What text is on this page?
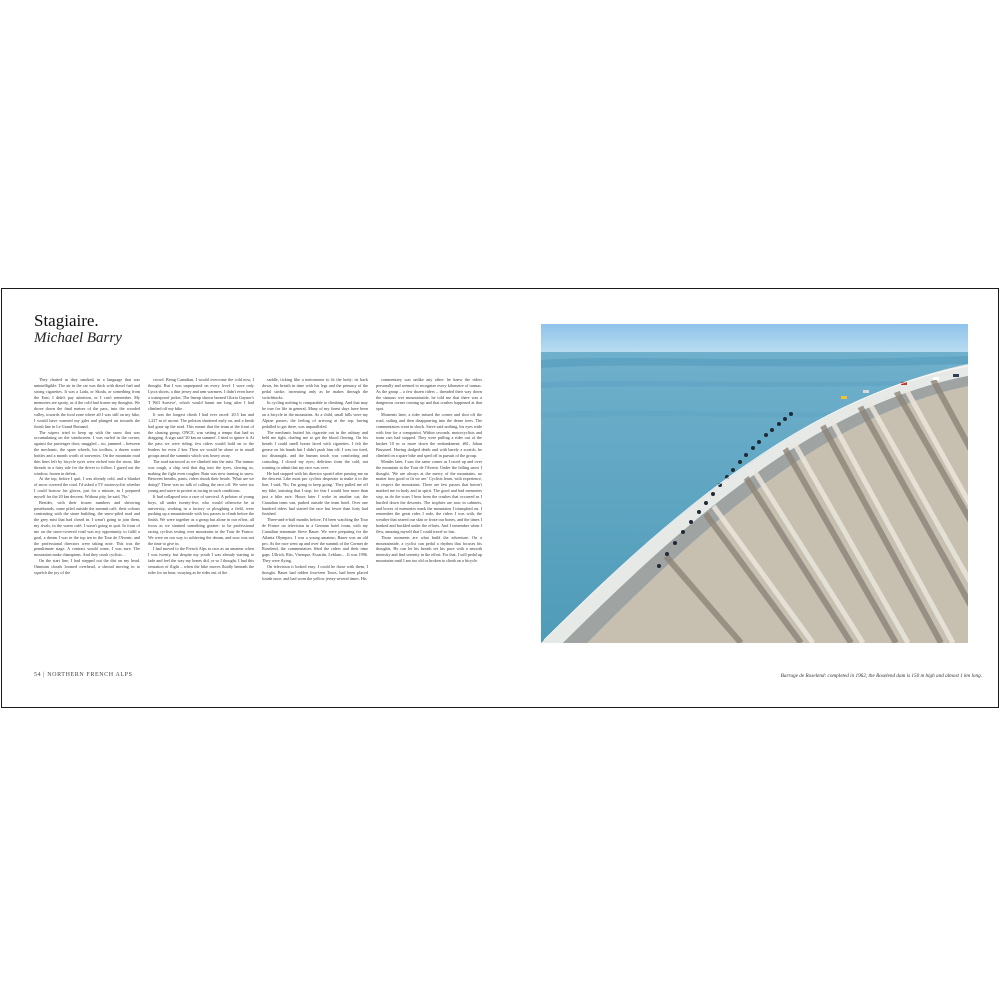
Stagiaire.
Michael Barry

They chatted as they smoked, in a language that was unintelligible. The air in the car was thick with diesel fuel and strong cigarettes. It was a Lada, or Skoda, or something from the East; I didn't pay attention, or I can't remember. My memories are spotty, as if the cold had frozen my thoughts. We drove down the final metres of the pass, into the wooded valley, towards the food zone where all I was still on my bike, I would have warmed my gilet and plunged on towards the finish line in Le Grand Bornand.

The wipers tried to keep up with the snow that was accumulating on the windscreen. I was curled in the corner, against the passenger door, snuggled – no, jammed – between the mechanic, the spare wheels, his toolbox, a dozen water bottles and a month worth of souvenirs. On the mountain road thin lines left by bicycle tyres were etched into the snow, like threads in a fairy tale for the driver to follow. I gazed out the window, frozen in defeat.

At the top, before I quit, I was already cold, and a blanket of snow covered the road. I'd asked a TV motorcyclist whether I could borrow his gloves, just for a minute, as I prepared myself for the 20 km descent. Without pity, he said, 'No.'

Besides, with their frozen numbers and shivering pasteboards, some piled outside the summit café, their colours contrasting with the stone building, the snow-piled road and the grey mist that had closed in. I wasn't going to join them, my rivals, in the warm café; I wasn't going to quit. In front of me on the snow-covered road was my opportunity to fulfil a goal, a dream I was in the top ten in the Tour de l'Avenir, and the professional directors were taking note. This was the penultimate stage. A contract would come, I was sure. The mountains make champions. And they crush cyclists…

On the start line, I had stepped out the dirt on my head. Omnium clouds loomed overhead, a shroud moving in to squelch the joy of the

crowd. Being Canadian, I would overcome the cold now, I thought. But I was unprepared on every level: I wore only Lycra shorts, a thin jersey and arm warmers. I didn't even have a waterproof jacket. The lineup shown burned Gloria Gaynor's 'I Will Survive', which would haunt me long after I had climbed off my bike.

It was the longest climb I had ever raced: 20.5 km and 1,227 m of ascent. The peloton shattered early on, and a break had gone up the road. This meant that the team at the front of the chasing group, ONCE, was setting a tempo that had us dragging. A sign said '20 km au sommet'. I tried to ignore it. At the pass we were riding, few riders would hold on to the leaders for even 2 km. Then we would be alone or in small groups amid the summits which was heavy away.

The road narrowed as we climbed into the mist. The tarmac was rough, a chip seal that dug into the tyres, slowing us, making the fight even tougher. Rain was now turning to snow. Between breaths, pants, riders shook their heads: 'What are we doing?' There was no talk of calling the race off. We were too young and naive to protest at racing in such conditions.

It had collapsed into a race of survival. A peloton of young boys, all under twenty-five, who would otherwise be at university, working in a factory or ploughing a field, were pushing up a mountainside with low passes to climb before the finish. We were together as a group but alone in our effort, all focus as we strained something greater: to be professional racing cyclists testing over mountains in the Tour de France. We were on our way to achieving the dream, and now was not the time to give in.

I had moved to the French Alps to race as an amateur when I was twenty, but despite my youth I was already starting to fade and feel the way my bones did, or so I thought. I had this sensation of flight – when the bike moves fluidly beneath the rider for an hour, swaying as he rides out of the

saddle, ticking like a metronome to fit the body: sit back down, his breath in time with his legs and the primacy of the pedal stroke, increasing only as he makes through the switchbacks.

In cycling nothing is comparable to climbing. And that may be true for life in general. Many of my finest days have been on a bicycle in the mountains. As a child, small hills were my Alpine passes; the feeling of arriving at the top, having pedalled to get there, was unparalleled.

The mechanic butted his cigarette out in the ashtray and held me tight, chafing me to get the blood flowing. On his breath I could smell booze laced with cigarettes. I felt the grease on his hands but I didn't push him off; I was too tired, too distraught, and the human touch was comforting and consoling. I closed my eyes; delirious from the cold, not wanting to admit that my race was over.

He had stopped with his director sportif after passing me on the descent. Like most pro cyclists desperate to make it to the line, I said, 'No, I'm going to keep going.' They pulled me off my bike, insisting that I stop, for fear I would lose more than just a bike race. Hours later I woke in another car, the Canadian team van, parked outside the team hotel. Over one hundred riders had started the race but fewer than forty had finished.

Three-and-a-half months before, I'd been watching the Tour de France on television in a German hotel room, with my Canadian teammate Steve Bauer. We were preparing for the Atlanta Olympics. I was a young amateur; Bauer was an old pro. As the race went up and over the summit of the Cormet de Roselend, the commentators fêted the riders and their time gaps. Ullrich, Riis, Virenque, Escartín, Leblanc… It was 1996. They were flying.

On television it looked easy. I could be those with them, I thought. Bauer had ridden four-teen Tours, had been placed fourth once, and had worn the yellow jersey several times. His

commentary was unlike any other: he knew the riders personally and seemed to recognize every kilometre of tarmac. As the group – a few dozen riders – threaded their way down the sinuous wet mountainside, he told me that there was a dangerous corner coming up and that crashes happened at that spot.

Moments later, a rider missed the corner and shot off the road, sailing and then disappearing into the dense trees. The commentators went in shock. Steve said nothing, his eyes wide with fear for a compatriot. Within seconds, motorcyclists and team cars had stopped. They were pulling a rider out of the bushes 10 m or more down the embankment: #61, Johan Bruyneel. Having dodged death and with barely a scratch, he climbed on a spare bike and sped off in pursuit of the group.

Months later, I saw the same corner as I raced up and over the mountain in the Tour de l'Avenir. Under the falling snow I thought, 'We are always at the mercy of the mountains, no matter how good or fit we are.' Cyclists learn, with experience, to respect the mountains. There are few passes that haven't marked me in body and in spirit. The good and bad memories stay, as do the scars I bear from the crashes that occurred as I hurtled down the descents. The trophies are now in cabinets, and boxes of memories mark the mountains I triumphed on. I remember the great rides I rode, the riders I was with, the weather that seared our skin or froze our bones, and the times I bonked and buckled under the efforts. And I remember when I flew, amazing myself that I could travel so fast.

Those moments are what build the adventure. On a mountainside, a cyclist can pedal a rhythm that focuses his thoughts. He can let his breath set his pace with a smooth intensity and find serenity in the effort. For that, I will pedal up mountains until I am too old or broken to climb on a bicycle.

54 | NORTHERN FRENCH ALPS	Barrage de Roselend: completed in 1962, the Roselend dam is 150 m high and almost 1 km long.
